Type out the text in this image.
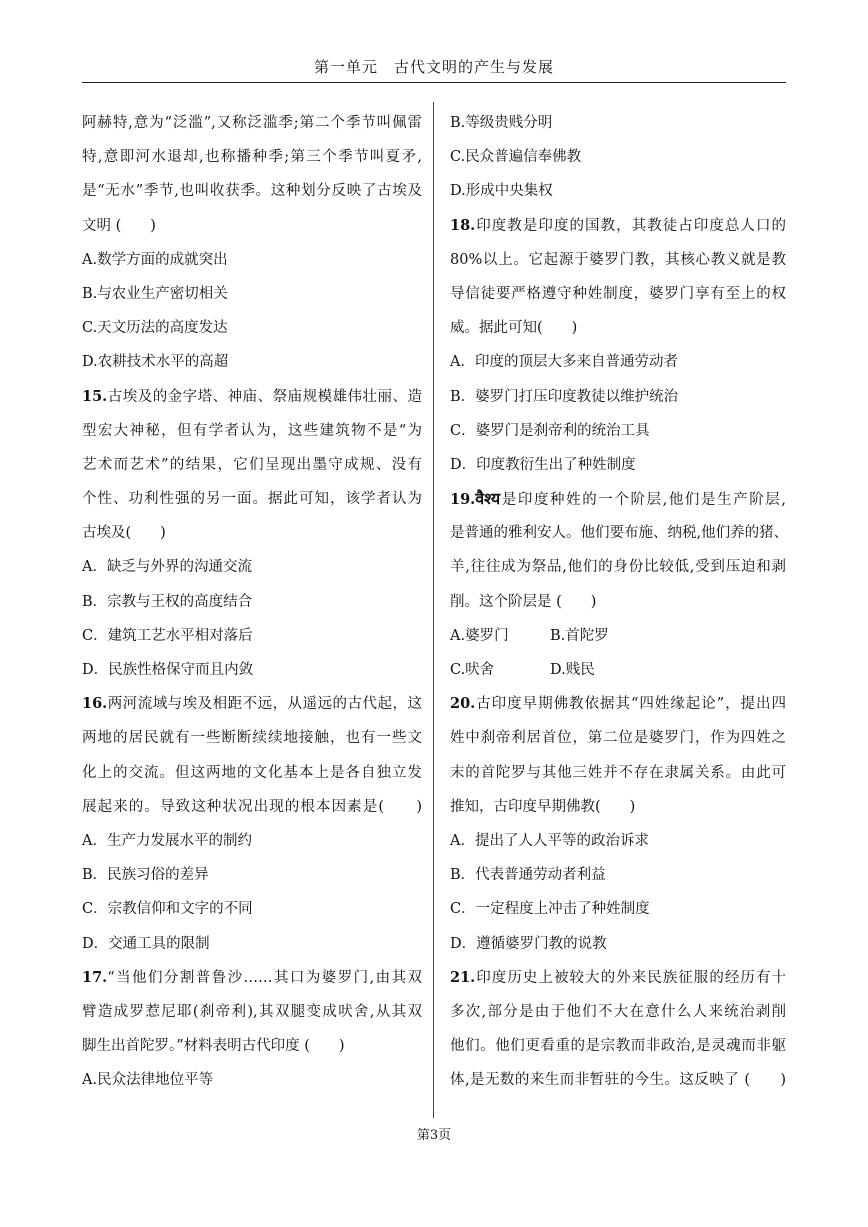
第一单元　古代文明的产生与发展
阿赫特,意为“泛滥”,又称泛滥季;第二个季节叫佩雷
特,意即河水退却,也称播种季;第三个季节叫夏矛,
是“无水”季节,也叫收获季。这种划分反映了古埃及
文明 (　　)
A.数学方面的成就突出
B.与农业生产密切相关
C.天文历法的高度发达
D.农耕技术水平的高超
15.古埃及的金字塔、神庙、祭庙规模雄伟壮丽、造
型宏大神秘，但有学者认为，这些建筑物不是“为
艺术而艺术”的结果，它们呈现出墨守成规、没有
个性、功利性强的另一面。据此可知，该学者认为
古埃及(　　)
A．缺乏与外界的沟通交流
B．宗教与王权的高度结合
C．建筑工艺水平相对落后
D．民族性格保守而且内敛
16.两河流域与埃及相距不远，从遥远的古代起，这
两地的居民就有一些断断续续地接触，也有一些文
化上的交流。但这两地的文化基本上是各自独立发
展起来的。导致这种状况出现的根本因素是(　　)
A．生产力发展水平的制约
B．民族习俗的差异
C．宗教信仰和文字的不同
D．交通工具的限制
17.“当他们分割普鲁沙……其口为婆罗门,由其双
臂造成罗惹尼耶(刹帝利),其双腿变成吠舍,从其双
脚生出首陀罗。”材料表明古代印度 (　　)
A.民众法律地位平等
B.等级贵贱分明
C.民众普遍信奉佛教
D.形成中央集权
18.印度教是印度的国教，其教徒占印度总人口的
80%以上。它起源于婆罗门教，其核心教义就是教
导信徒要严格遵守种姓制度，婆罗门享有至上的权
威。据此可知(　　)
A．印度的顶层大多来自普通劳动者
B．婆罗门打压印度教徒以维护统治
C．婆罗门是刹帝利的统治工具
D．印度教衍生出了种姓制度
19.वैश्य是印度种姓的一个阶层,他们是生产阶层,
是普通的雅利安人。他们要布施、纳税,他们养的猪、
羊,往往成为祭品,他们的身份比较低,受到压迫和剥
削。这个阶层是 (　　)
A.婆罗门	B.首陀罗
C.吠舍	D.贱民
20.古印度早期佛教依据其“四姓缘起论”，提出四
姓中刹帝利居首位，第二位是婆罗门，作为四姓之
末的首陀罗与其他三姓并不存在隶属关系。由此可
推知，古印度早期佛教(　　)
A．提出了人人平等的政治诉求
B．代表普通劳动者利益
C．一定程度上冲击了种姓制度
D．遵循婆罗门教的说教
21.印度历史上被较大的外来民族征服的经历有十
多次,部分是由于他们不大在意什么人来统治剥削
他们。他们更看重的是宗教而非政治,是灵魂而非躯
体,是无数的来生而非暂驻的今生。这反映了 (　　)
第3页
